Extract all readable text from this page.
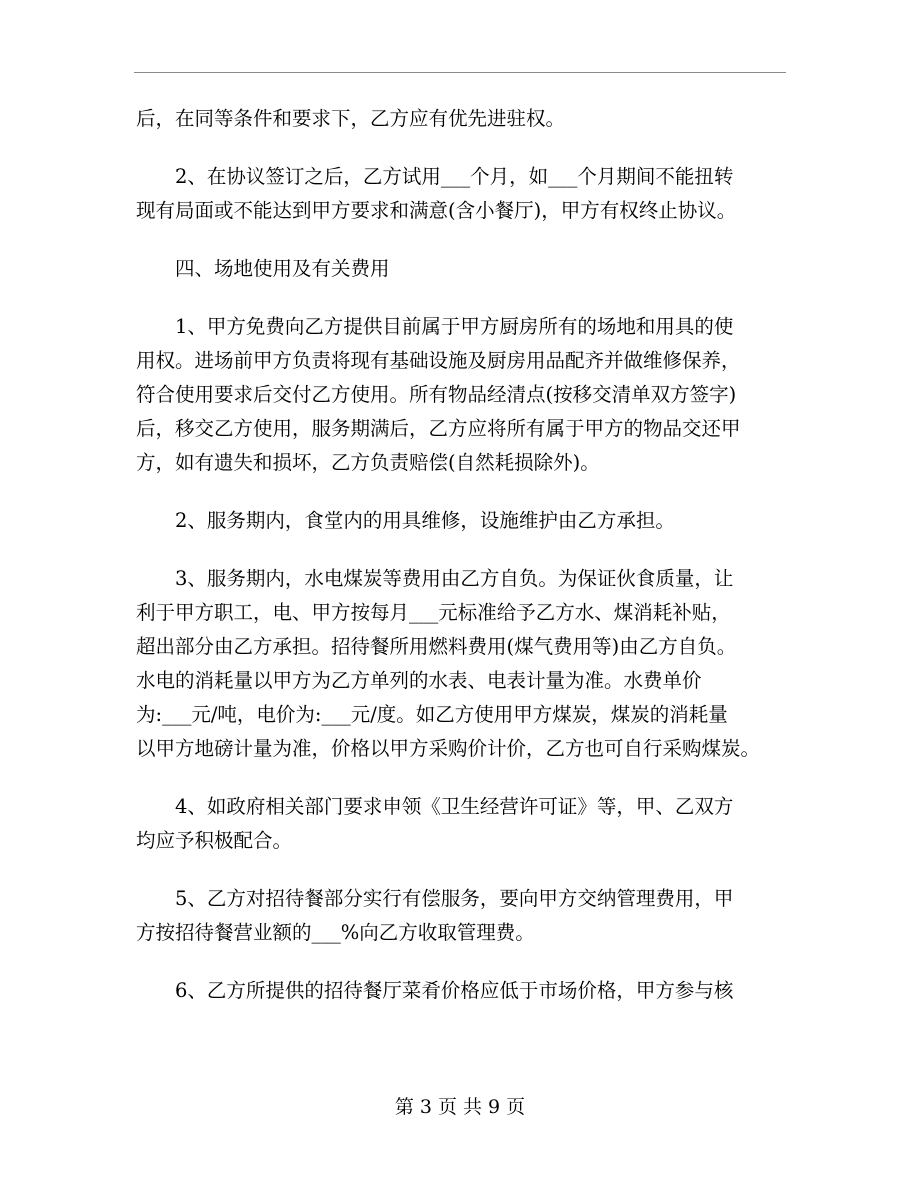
后，在同等条件和要求下，乙方应有优先进驻权。
2、在协议签订之后，乙方试用___个月，如___个月期间不能扭转
现有局面或不能达到甲方要求和满意(含小餐厅)，甲方有权终止协议。
四、场地使用及有关费用
1、甲方免费向乙方提供目前属于甲方厨房所有的场地和用具的使
用权。进场前甲方负责将现有基础设施及厨房用品配齐并做维修保养，
符合使用要求后交付乙方使用。所有物品经清点(按移交清单双方签字)
后，移交乙方使用，服务期满后，乙方应将所有属于甲方的物品交还甲
方，如有遗失和损坏，乙方负责赔偿(自然耗损除外)。
2、服务期内，食堂内的用具维修，设施维护由乙方承担。
3、服务期内，水电煤炭等费用由乙方自负。为保证伙食质量，让
利于甲方职工，电、甲方按每月___元标准给予乙方水、煤消耗补贴，
超出部分由乙方承担。招待餐所用燃料费用(煤气费用等)由乙方自负。
水电的消耗量以甲方为乙方单列的水表、电表计量为准。水费单价
为:___元/吨，电价为:___元/度。如乙方使用甲方煤炭，煤炭的消耗量
以甲方地磅计量为准，价格以甲方采购价计价，乙方也可自行采购煤炭。
4、如政府相关部门要求申领《卫生经营许可证》等，甲、乙双方
均应予积极配合。
5、乙方对招待餐部分实行有偿服务，要向甲方交纳管理费用，甲
方按招待餐营业额的___%向乙方收取管理费。
6、乙方所提供的招待餐厅菜肴价格应低于市场价格，甲方参与核
第 3 页 共 9 页
